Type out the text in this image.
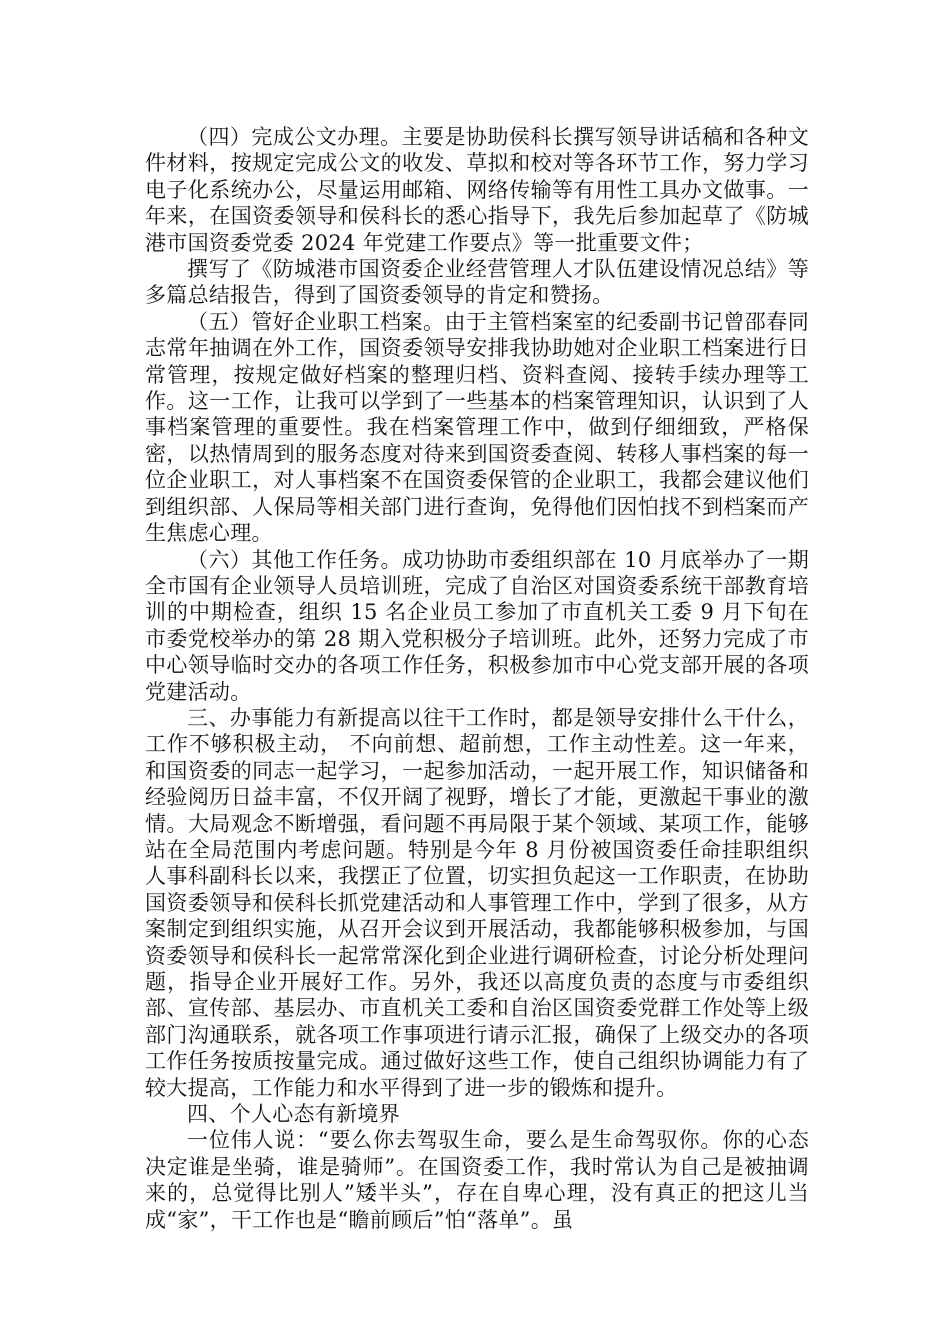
（四）完成公文办理。主要是协助侯科长撰写领导讲话稿和各种文件材料，按规定完成公文的收发、草拟和校对等各环节工作，努力学习电子化系统办公，尽量运用邮箱、网络传输等有用性工具办文做事。一年来，在国资委领导和侯科长的悉心指导下，我先后参加起草了《防城港市国资委党委 2024 年党建工作要点》等一批重要文件；

撰写了《防城港市国资委企业经营管理人才队伍建设情况总结》等多篇总结报告，得到了国资委领导的肯定和赞扬。

（五）管好企业职工档案。由于主管档案室的纪委副书记曾邵春同志常年抽调在外工作，国资委领导安排我协助她对企业职工档案进行日常管理，按规定做好档案的整理归档、资料查阅、接转手续办理等工作。这一工作，让我可以学到了一些基本的档案管理知识，认识到了人事档案管理的重要性。我在档案管理工作中，做到仔细细致，严格保密，以热情周到的服务态度对待来到国资委查阅、转移人事档案的每一位企业职工，对人事档案不在国资委保管的企业职工，我都会建议他们到组织部、人保局等相关部门进行查询，免得他们因怕找不到档案而产生焦虑心理。

（六）其他工作任务。成功协助市委组织部在 10 月底举办了一期全市国有企业领导人员培训班，完成了自治区对国资委系统干部教育培训的中期检查，组织 15 名企业员工参加了市直机关工委 9 月下旬在市委党校举办的第 28 期入党积极分子培训班。此外，还努力完成了市中心领导临时交办的各项工作任务，积极参加市中心党支部开展的各项党建活动。

三、办事能力有新提高以往干工作时，都是领导安排什么干什么，工作不够积极主动， 不向前想、超前想，工作主动性差。这一年来，和国资委的同志一起学习，一起参加活动，一起开展工作，知识储备和经验阅历日益丰富，不仅开阔了视野，增长了才能，更激起干事业的激情。大局观念不断增强，看问题不再局限于某个领域、某项工作，能够站在全局范围内考虑问题。特别是今年 8 月份被国资委任命挂职组织人事科副科长以来，我摆正了位置，切实担负起这一工作职责，在协助国资委领导和侯科长抓党建活动和人事管理工作中，学到了很多，从方案制定到组织实施，从召开会议到开展活动，我都能够积极参加，与国资委领导和侯科长一起常常深化到企业进行调研检查，讨论分析处理问题，指导企业开展好工作。另外，我还以高度负责的态度与市委组织部、宣传部、基层办、市直机关工委和自治区国资委党群工作处等上级部门沟通联系，就各项工作事项进行请示汇报，确保了上级交办的各项工作任务按质按量完成。通过做好这些工作，使自己组织协调能力有了较大提高，工作能力和水平得到了进一步的锻炼和提升。

四、个人心态有新境界

一位伟人说：“要么你去驾驭生命，要么是生命驾驭你。你的心态决定谁是坐骑，谁是骑师”。在国资委工作，我时常认为自己是被抽调来的，总觉得比别人”矮半头”，存在自卑心理，没有真正的把这儿当成“家”，干工作也是“瞻前顾后”怕“落单”。虽
